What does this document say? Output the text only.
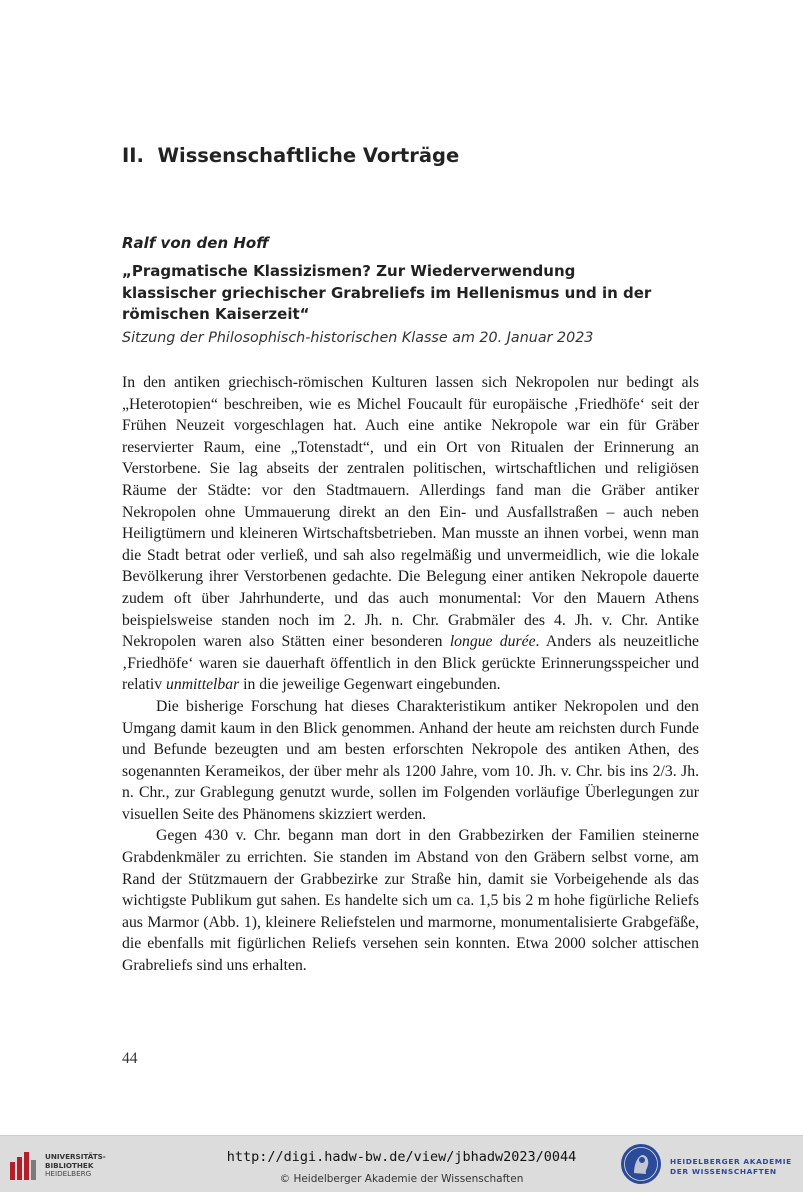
II. Wissenschaftliche Vorträge
Ralf von den Hoff
„Pragmatische Klassizismen? Zur Wiederverwendung klassischer griechischer Grabreliefs im Hellenismus und in der römischen Kaiserzeit“
Sitzung der Philosophisch-historischen Klasse am 20. Januar 2023

In den antiken griechisch-römischen Kulturen lassen sich Nekropolen nur bedingt als „Heterotopien“ beschreiben, wie es Michel Foucault für europäische ‚Friedhöfe‘ seit der Frühen Neuzeit vorgeschlagen hat. Auch eine antike Nekropole war ein für Gräber reservierter Raum, eine „Totenstadt“, und ein Ort von Ritualen der Erinnerung an Verstorbene. Sie lag abseits der zentralen politischen, wirtschaftlichen und religiösen Räume der Städte: vor den Stadtmauern. Allerdings fand man die Gräber antiker Nekropolen ohne Ummauerung direkt an den Ein- und Ausfallstraßen – auch neben Heiligtümern und kleineren Wirtschaftsbetrieben. Man musste an ihnen vorbei, wenn man die Stadt betrat oder verließ, und sah also regelmäßig und unvermeidlich, wie die lokale Bevölkerung ihrer Verstorbenen gedachte. Die Belegung einer antiken Nekropole dauerte zudem oft über Jahrhunderte, und das auch monumental: Vor den Mauern Athens beispielsweise standen noch im 2. Jh. n. Chr. Grabmäler des 4. Jh. v. Chr. Antike Nekropolen waren also Stätten einer besonderen longue durée. Anders als neuzeitliche ‚Friedhöfe‘ waren sie dauerhaft öffentlich in den Blick gerückte Erinnerungsspeicher und relativ unmittelbar in die jeweilige Gegenwart eingebunden.

Die bisherige Forschung hat dieses Charakteristikum antiker Nekropolen und den Umgang damit kaum in den Blick genommen. Anhand der heute am reichsten durch Funde und Befunde bezeugten und am besten erforschten Nekropole des antiken Athen, des sogenannten Kerameikos, der über mehr als 1200 Jahre, vom 10. Jh. v. Chr. bis ins 2/3. Jh. n. Chr., zur Grablegung genutzt wurde, sollen im Folgenden vorläufige Überlegungen zur visuellen Seite des Phänomens skizziert werden.

Gegen 430 v. Chr. begann man dort in den Grabbezirken der Familien steinerne Grabdenkmäler zu errichten. Sie standen im Abstand von den Gräbern selbst vorne, am Rand der Stützmauern der Grabbezirke zur Straße hin, damit sie Vorbeigehende als das wichtigste Publikum gut sahen. Es handelte sich um ca. 1,5 bis 2 m hohe figürliche Reliefs aus Marmor (Abb. 1), kleinere Reliefstelen und marmorne, monumentalisierte Grabgefäße, die ebenfalls mit figürlichen Reliefs versehen sein konnten. Etwa 2000 solcher attischen Grabreliefs sind uns erhalten.

44
UNIVERSITÄTS-
BIBLIOTHEK
HEIDELBERG
http://digi.hadw-bw.de/view/jbhadw2023/0044
© Heidelberger Akademie der Wissenschaften
HEIDELBERGER AKADEMIE
DER WISSENSCHAFTEN
